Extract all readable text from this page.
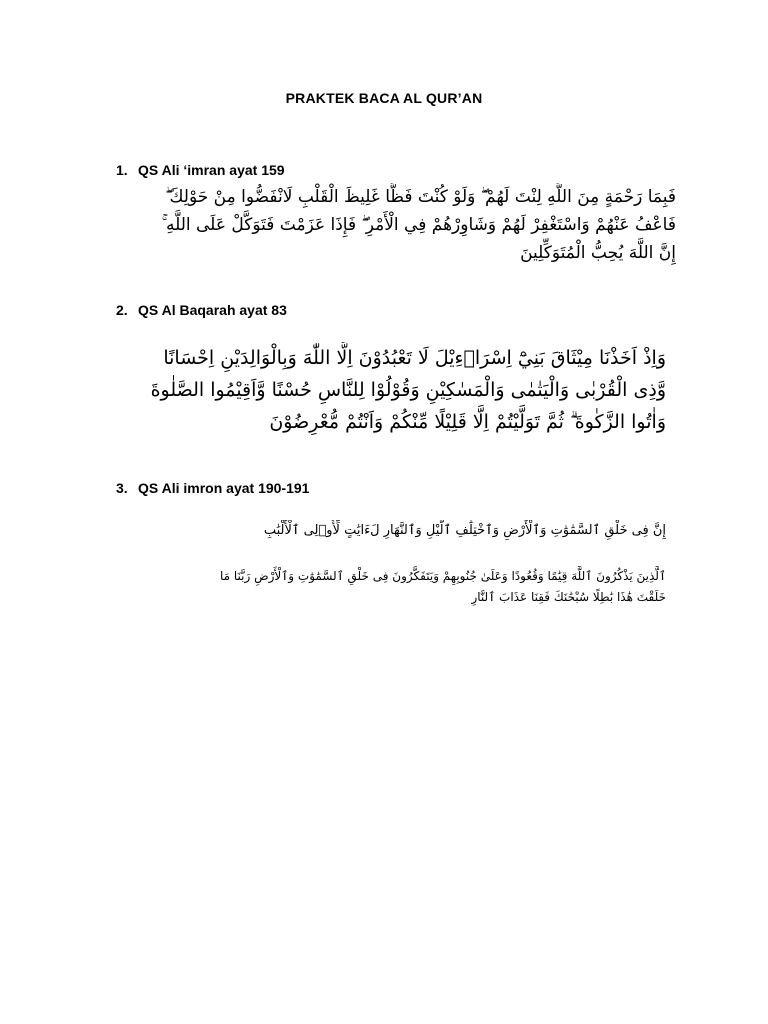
PRAKTEK BACA AL QUR’AN
1. QS Ali ‘imran ayat 159
فَبِمَا رَحْمَةٍ مِنَ اللَّهِ لِنْتَ لَهُمْ ۖ وَلَوْ كُنْتَ فَظًّا غَلِيظَ الْقَلْبِ لَانْفَضُّوا مِنْ حَوْلِكَ ۖ
فَاعْفُ عَنْهُمْ وَاسْتَغْفِرْ لَهُمْ وَشَاوِرْهُمْ فِي الْأَمْرِ ۖ فَإِذَا عَزَمْتَ فَتَوَكَّلْ عَلَى اللَّهِ ۚ
إِنَّ اللَّهَ يُحِبُّ الْمُتَوَكِّلِينَ
2. QS Al Baqarah ayat 83
وَاِذْ اَخَذْنَا مِيْثَاقَ بَنِيْٓ اِسْرَاۤءِيْلَ لَا تَعْبُدُوْنَ اِلَّا اللّٰهَ وَبِالْوَالِدَيْنِ اِحْسَانًا
وَّذِى الْقُرْبٰى وَالْيَتٰمٰى وَالْمَسٰكِيْنِ وَقُوْلُوْا لِلنَّاسِ حُسْنًا وَّاَقِيْمُوا الصَّلٰوةَ
وَاٰتُوا الزَّكٰوةَ ۗ ثُمَّ تَوَلَّيْتُمْ اِلَّا قَلِيْلًا مِّنْكُمْ وَاَنْتُمْ مُّعْرِضُوْنَ
3. QS Ali imron ayat 190-191
إِنَّ فِى خَلْقِ ٱلسَّمَٰوَٰتِ وَٱلْأَرْضِ وَٱخْتِلَٰفِ ٱلَّيْلِ وَٱلنَّهَارِ لَءَايَٰتٍ لِّأُو۟لِى ٱلْأَلْبَٰبِ
ٱلَّذِينَ يَذْكُرُونَ ٱللَّهَ قِيَٰمًا وَقُعُودًا وَعَلَىٰ جُنُوبِهِمْ وَيَتَفَكَّرُونَ فِى خَلْقِ ٱلسَّمَٰوَٰتِ وَٱلْأَرْضِ رَبَّنَا مَا
خَلَقْتَ هَٰذَا بَٰطِلًا سُبْحَٰنَكَ فَقِنَا عَذَابَ ٱلنَّارِ
